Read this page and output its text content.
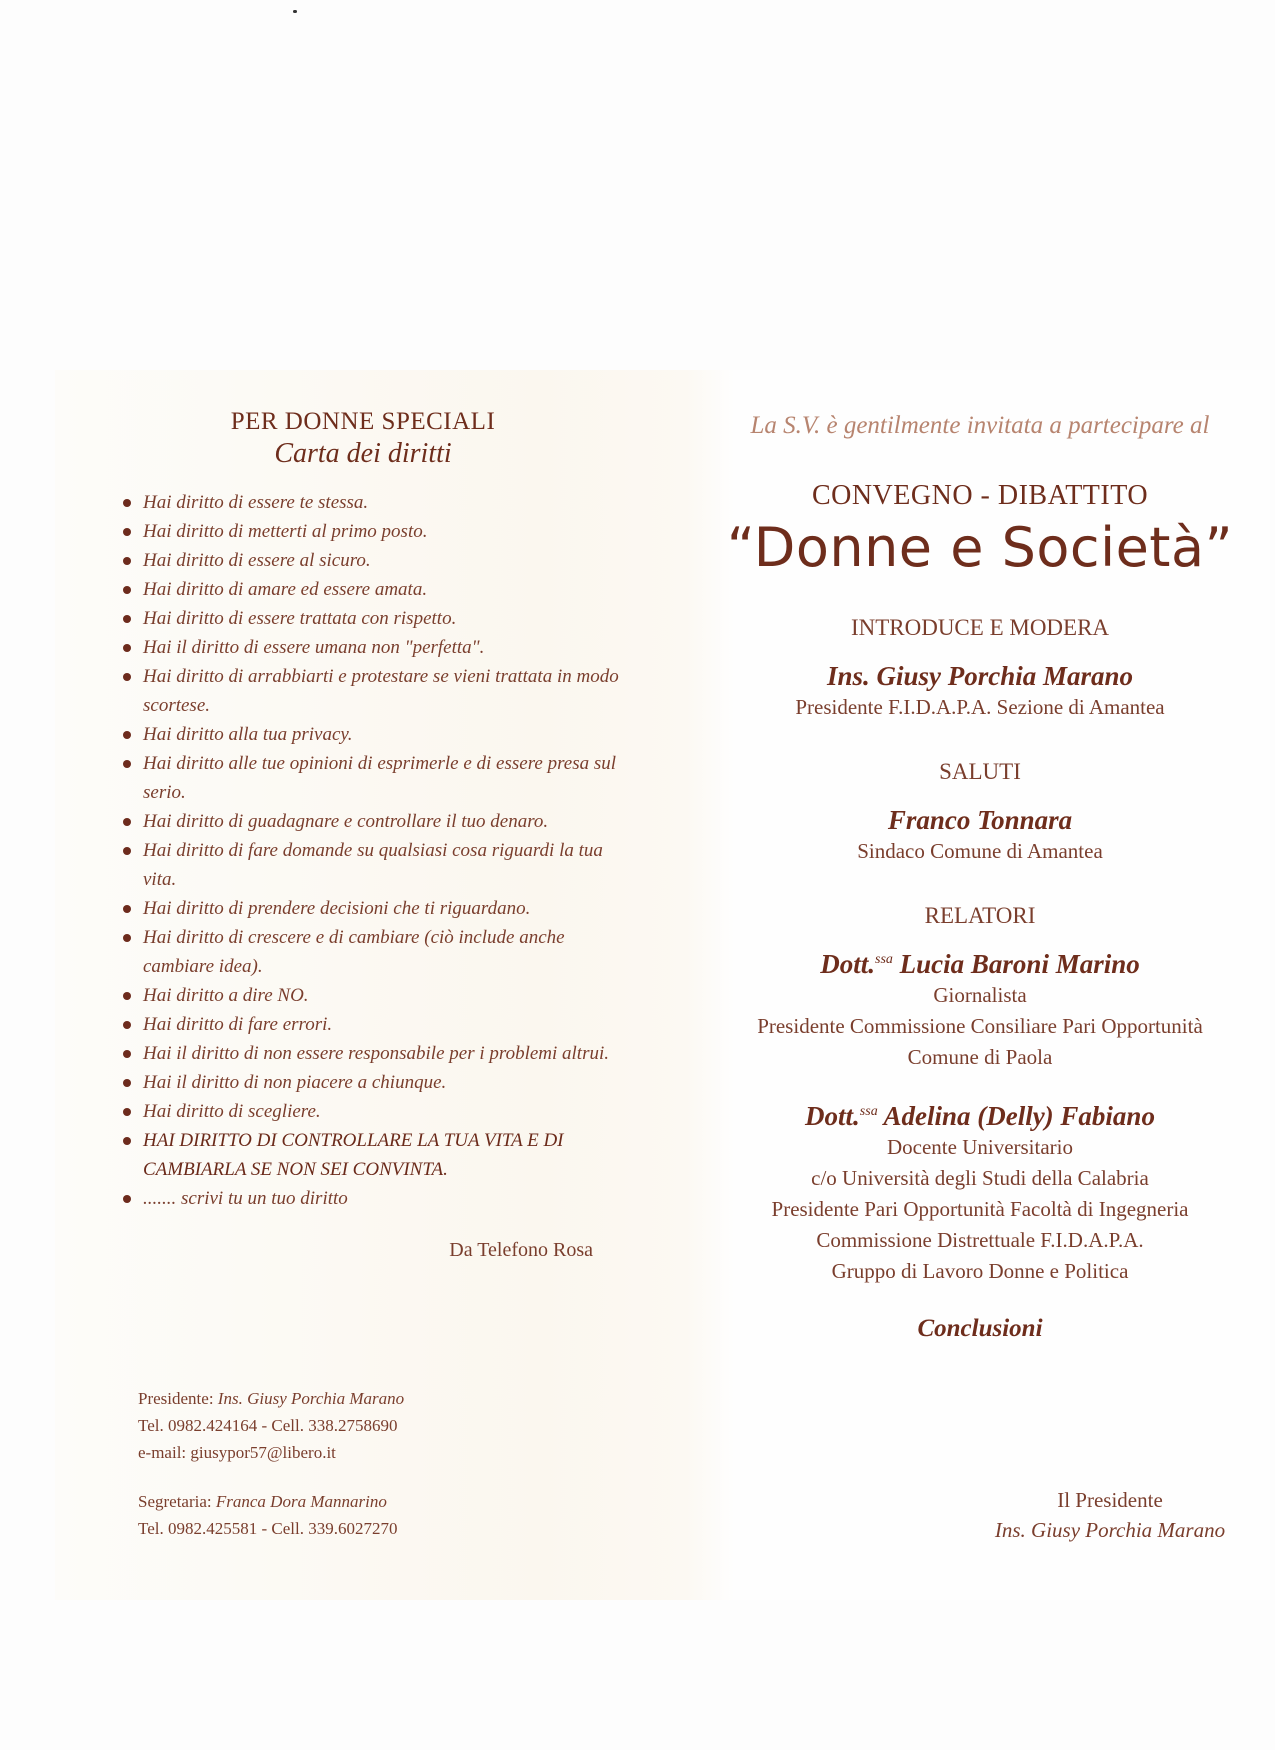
PER DONNE SPECIALI
Carta dei diritti
Hai diritto di essere te stessa.
Hai diritto di metterti al primo posto.
Hai diritto di essere al sicuro.
Hai diritto di amare ed essere amata.
Hai diritto di essere trattata con rispetto.
Hai il diritto di essere umana non "perfetta".
Hai diritto di arrabbiarti e protestare se vieni trattata in modo scortese.
Hai diritto alla tua privacy.
Hai diritto alle tue opinioni di esprimerle e di essere presa sul serio.
Hai diritto di guadagnare e controllare il tuo denaro.
Hai diritto di fare domande su qualsiasi cosa riguardi la tua vita.
Hai diritto di prendere decisioni che ti riguardano.
Hai diritto di crescere e di cambiare (ciò include anche cambiare idea).
Hai diritto a dire NO.
Hai diritto di fare errori.
Hai il diritto di non essere responsabile per i problemi altrui.
Hai il diritto di non piacere a chiunque.
Hai diritto di scegliere.
HAI DIRITTO DI CONTROLLARE LA TUA VITA E DI CAMBIARLA SE NON SEI CONVINTA.
....... scrivi tu un tuo diritto
Da Telefono Rosa
Presidente: Ins. Giusy Porchia Marano
Tel. 0982.424164 - Cell. 338.2758690
e-mail: giusypor57@libero.it
Segretaria: Franca Dora Mannarino
Tel. 0982.425581 - Cell. 339.6027270
La S.V. è gentilmente invitata a partecipare al
CONVEGNO - DIBATTITO
“Donne e Società”
INTRODUCE E MODERA
Ins. Giusy Porchia Marano
Presidente F.I.D.A.P.A. Sezione di Amantea
SALUTI
Franco Tonnara
Sindaco Comune di Amantea
RELATORI
Dott.$^{ssa}$ Lucia Baroni Marino
Giornalista
Presidente Commissione Consiliare Pari Opportunità
Comune di Paola
Dott.$^{ssa}$ Adelina (Delly) Fabiano
Docente Universitario
c/o Università degli Studi della Calabria
Presidente Pari Opportunità Facoltà di Ingegneria
Commissione Distrettuale F.I.D.A.P.A.
Gruppo di Lavoro Donne e Politica
Conclusioni
Il Presidente
Ins. Giusy Porchia Marano
